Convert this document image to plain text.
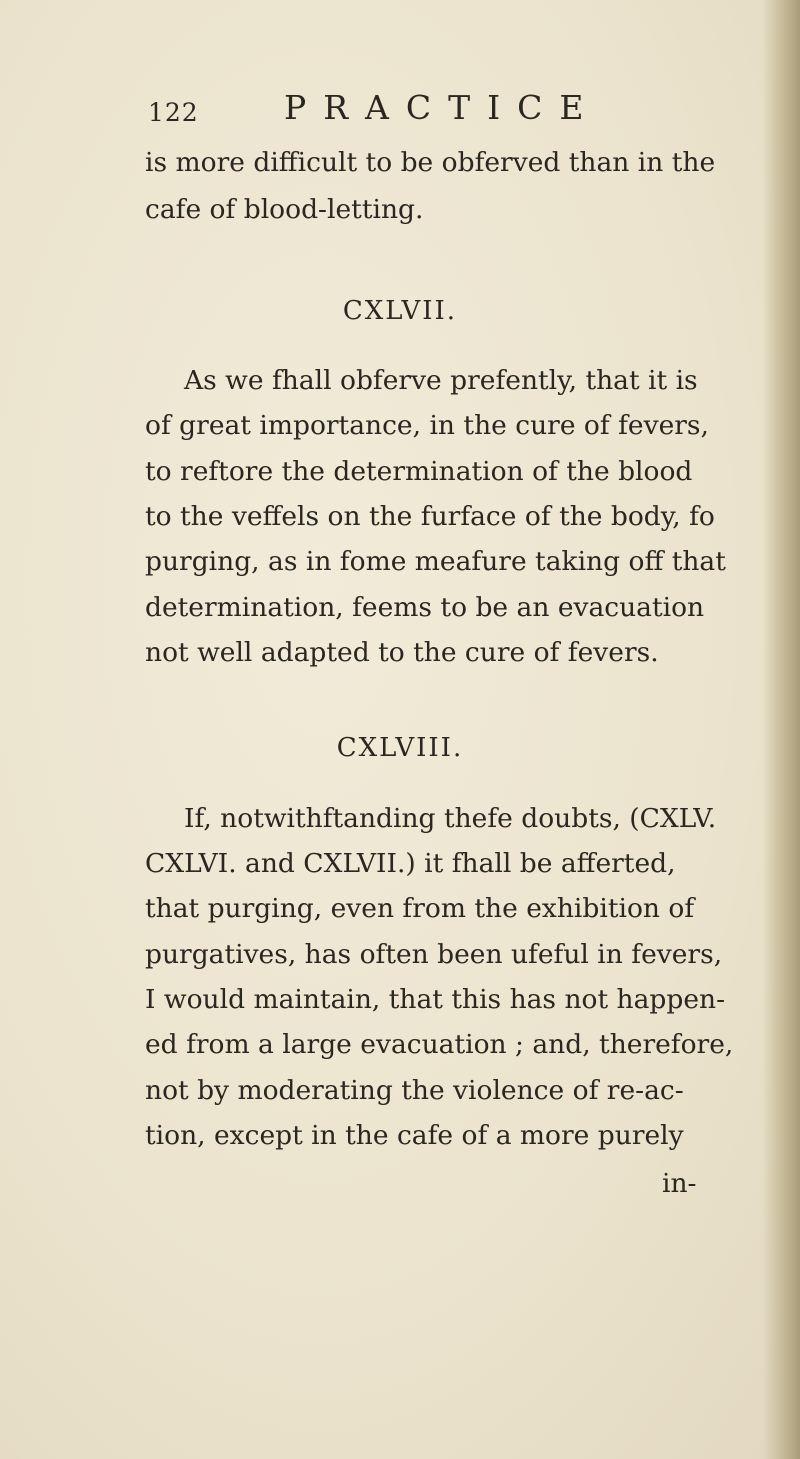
122	PRACTICE
is more difficult to be obferved than in the
cafe of blood-letting.
CXLVII.
As we fhall obferve prefently, that it is
of great importance, in the cure of fevers,
to reftore the determination of the blood
to the veffels on the furface of the body, fo
purging, as in fome meafure taking off that
determination, feems to be an evacuation
not well adapted to the cure of fevers.
CXLVIII.
If, notwithftanding thefe doubts, (CXLV.
CXLVI. and CXLVII.) it fhall be afferted,
that purging, even from the exhibition of
purgatives, has often been ufeful in fevers,
I would maintain, that this has not happen-
ed from a large evacuation ; and, therefore,
not by moderating the violence of re-ac-
tion, except in the cafe of a more purely
in-
